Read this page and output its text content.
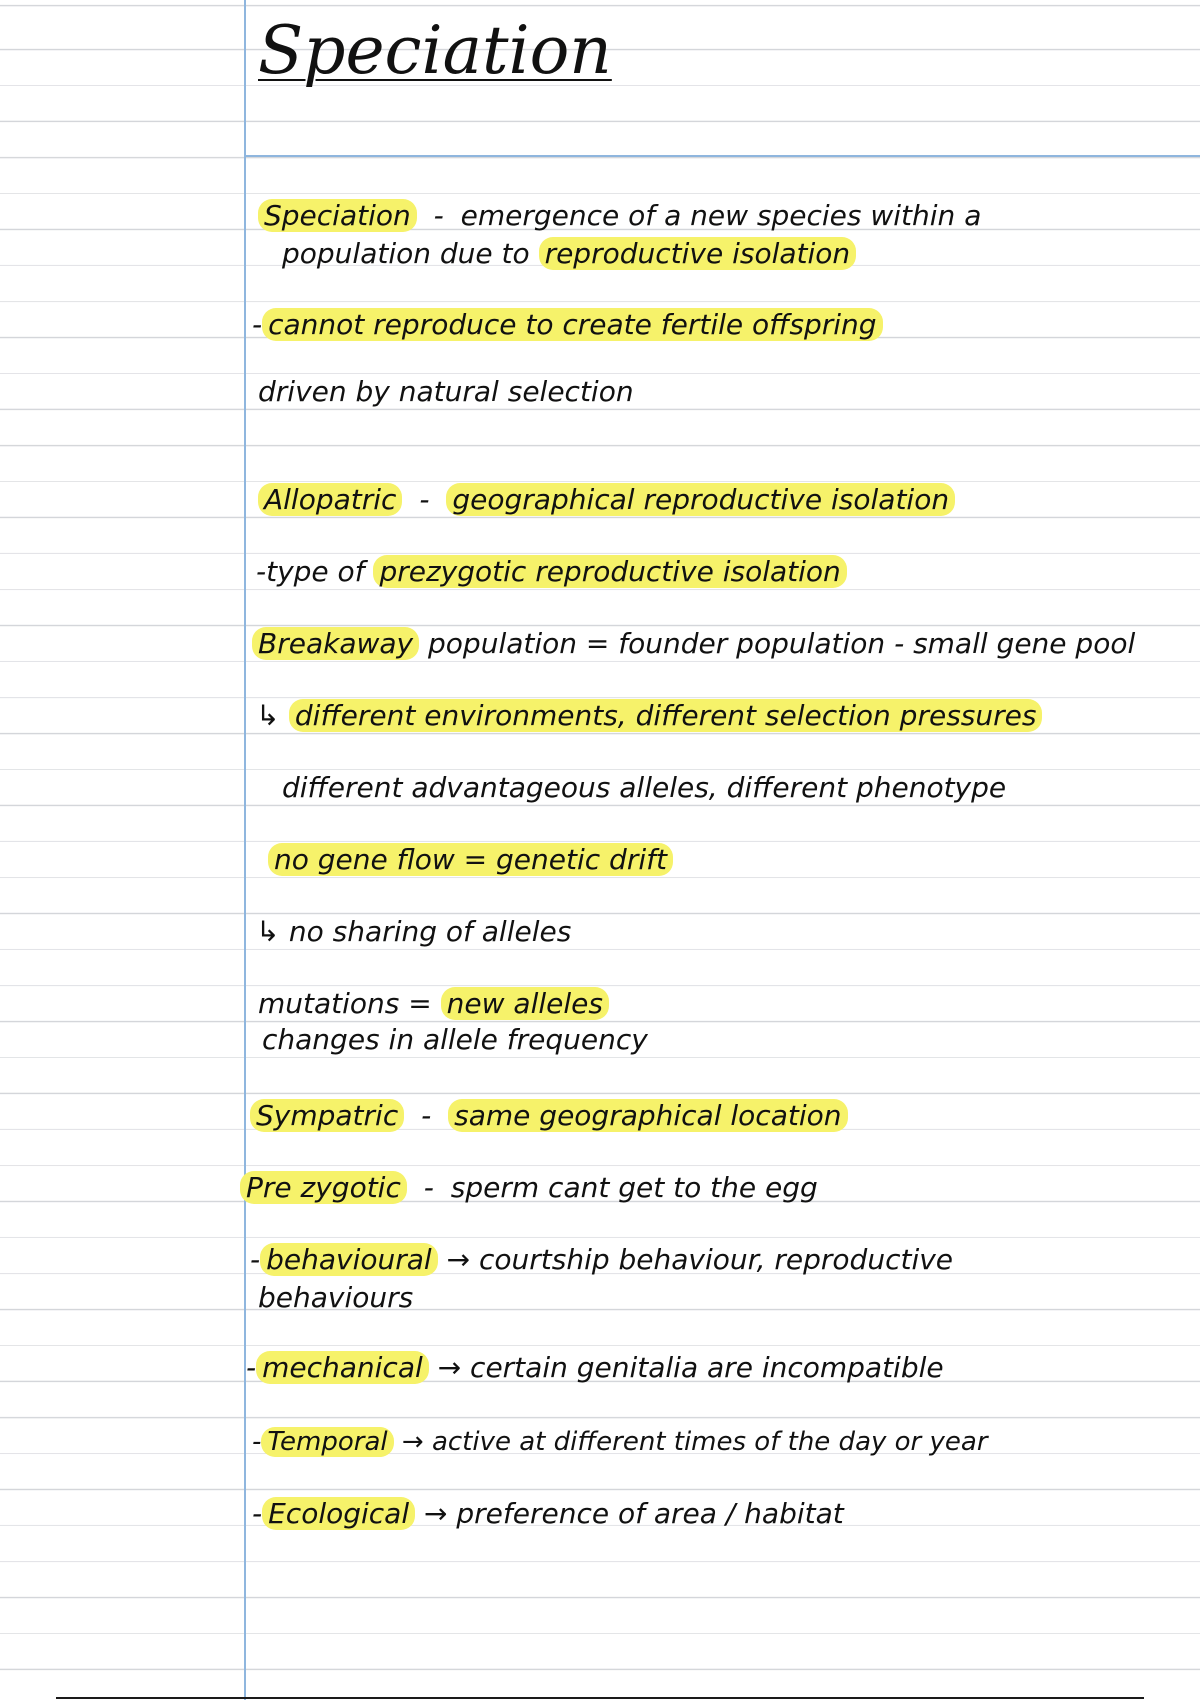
Speciation
Speciation - emergence of a new species within a
population due to reproductive isolation
- cannot reproduce to create fertile offspring
driven by natural selection
Allopatric - geographical reproductive isolation
-type of prezygotic reproductive isolation
Breakaway population = founder population - small gene pool
↳ different environments, different selection pressures
different advantageous alleles, different phenotype
no gene flow = genetic drift
↳ no sharing of alleles
mutations = new alleles
changes in allele frequency
Sympatric - same geographical location
Pre zygotic - sperm cant get to the egg
- behavioural → courtship behaviour, reproductive
behaviours
- mechanical → certain genitalia are incompatible
- Temporal → active at different times of the day or year
- Ecological → preference of area / habitat
